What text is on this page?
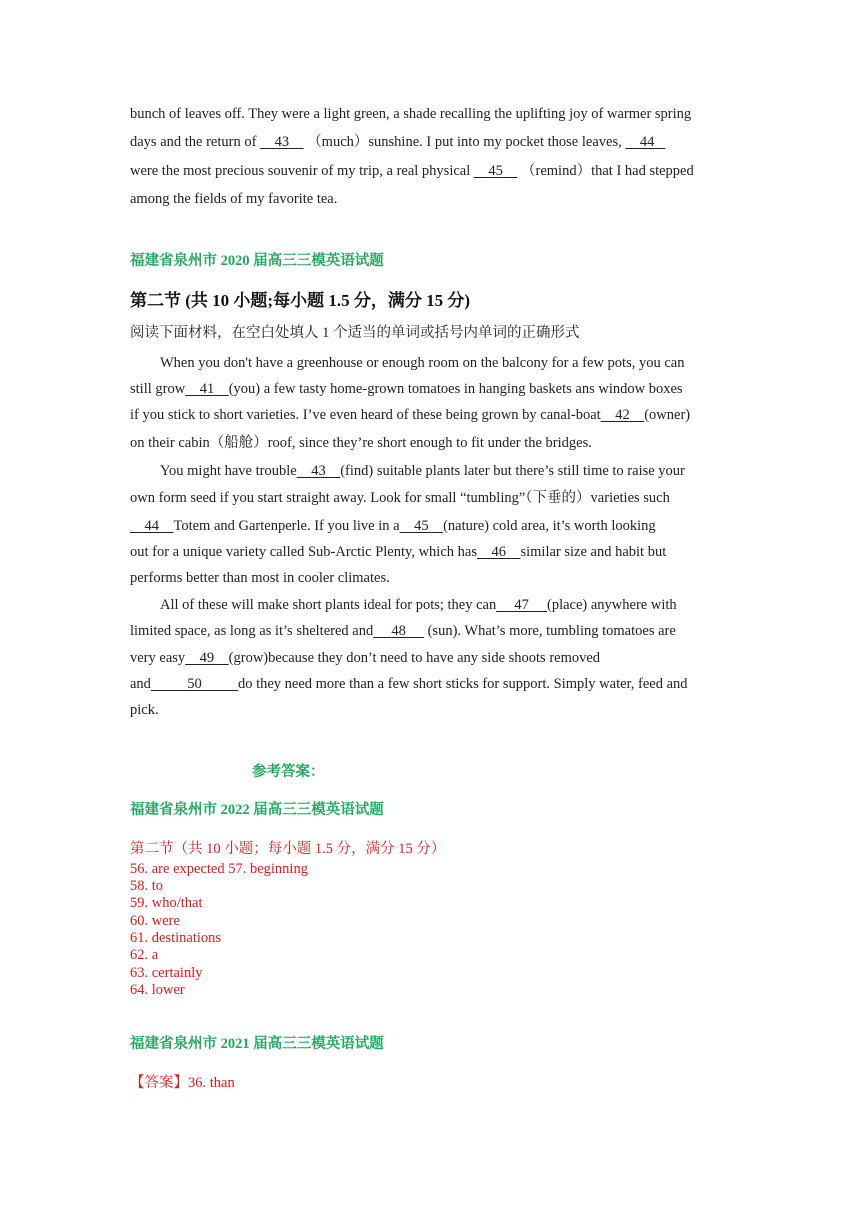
bunch of leaves off. They were a light green, a shade recalling the uplifting joy of warmer spring
days and the return of     43     （much）sunshine. I put into my pocket those leaves,     44
were the most precious souvenir of my trip, a real physical     45     （remind）that I had stepped
among the fields of my favorite tea.
福建省泉州市 2020 届高三三模英语试题
第二节 (共 10 小题;每小题 1.5 分，满分 15 分)
阅读下面材料，在空白处填人 1 个适当的单词或括号内单词的正确形式
When you don't have a greenhouse or enough room on the balcony for a few pots, you can
still grow 41 (you) a few tasty home-grown tomatoes in hanging baskets ans window boxes
if you stick to short varieties. I’ve even heard of these being grown by canal-boat 42 (owner)
on their cabin（船舱）roof, since they’re short enough to fit under the bridges.
You might have trouble 43 (find) suitable plants later but there’s still time to raise your
own form seed if you start straight away. Look for small “tumbling”（下垂的）varieties such
44 Totem and Gartenperle. If you live in a 45 (nature) cold area, it’s worth looking
out for a unique variety called Sub-Arctic Plenty, which has 46 similar size and habit but
performs better than most in cooler climates.
All of these will make short plants ideal for pots; they can 47 (place) anywhere with
limited space, as long as it’s sheltered and 48      (sun). What’s more, tumbling tomatoes are
very easy 49 (grow)because they don’t need to have any side shoots removed
and	50	do they need more than a few short sticks for support. Simply water, feed and
pick.
参考答案：
福建省泉州市 2022 届高三三模英语试题
第二节（共 10 小题；每小题 1.5 分，满分 15 分）
56. are expected 57. beginning
58. to
59. who/that
60. were
61. destinations
62. a
63. certainly
64. lower
福建省泉州市 2021 届高三三模英语试题
【答案】36. than
